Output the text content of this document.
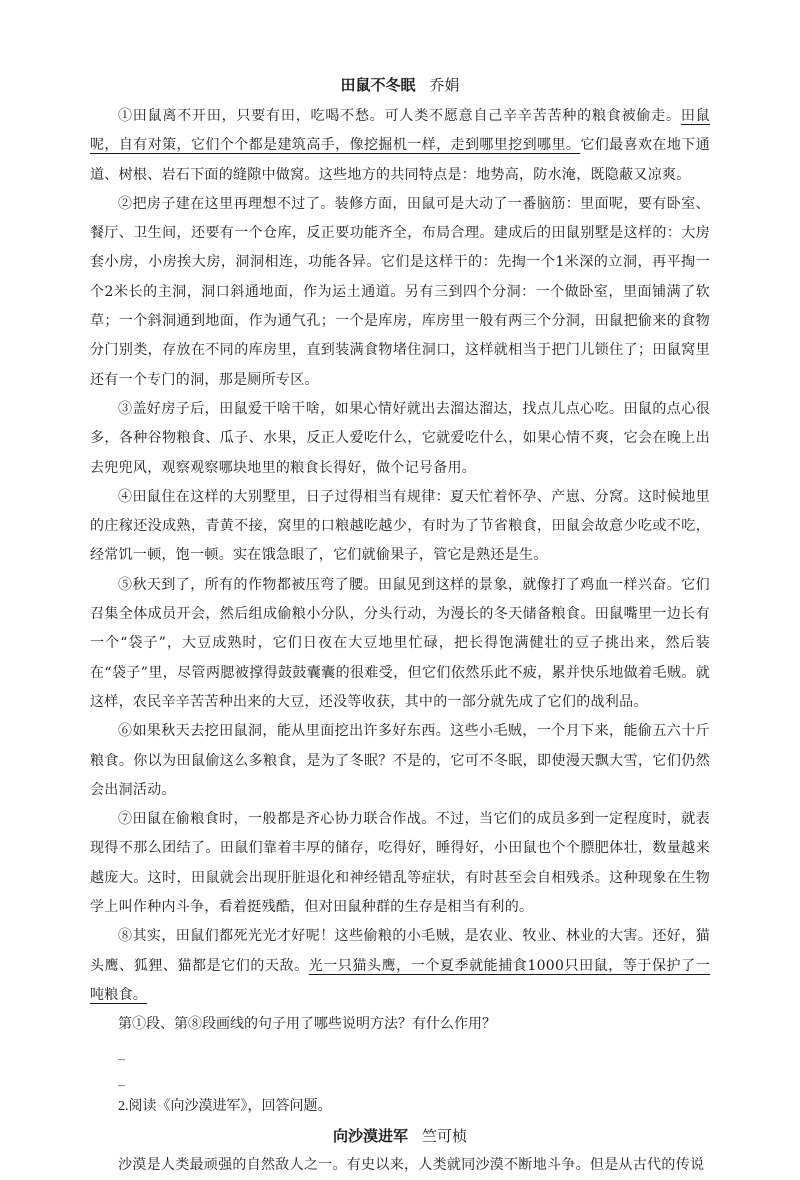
田鼠不冬眠 乔娟

①田鼠离不开田，只要有田，吃喝不愁。可人类不愿意自己辛辛苦苦种的粮食被偷走。田鼠呢，自有对策，它们个个都是建筑高手，像挖掘机一样，走到哪里挖到哪里。它们最喜欢在地下通道、树根、岩石下面的缝隙中做窝。这些地方的共同特点是：地势高，防水淹，既隐蔽又凉爽。

②把房子建在这里再理想不过了。装修方面，田鼠可是大动了一番脑筋：里面呢，要有卧室、餐厅、卫生间，还要有一个仓库，反正要功能齐全，布局合理。建成后的田鼠别墅是这样的：大房套小房，小房挨大房，洞洞相连，功能各异。它们是这样干的：先掏一个1米深的立洞，再平掏一个2米长的主洞，洞口斜通地面，作为运土通道。另有三到四个分洞：一个做卧室，里面铺满了软草；一个斜洞通到地面，作为通气孔；一个是库房，库房里一般有两三个分洞，田鼠把偷来的食物分门别类，存放在不同的库房里，直到装满食物堵住洞口，这样就相当于把门儿锁住了；田鼠窝里还有一个专门的洞，那是厕所专区。

③盖好房子后，田鼠爱干啥干啥，如果心情好就出去溜达溜达，找点儿点心吃。田鼠的点心很多，各种谷物粮食、瓜子、水果，反正人爱吃什么，它就爱吃什么，如果心情不爽，它会在晚上出去兜兜风，观察观察哪块地里的粮食长得好，做个记号备用。

④田鼠住在这样的大别墅里，日子过得相当有规律：夏天忙着怀孕、产崽、分窝。这时候地里的庄稼还没成熟，青黄不接，窝里的口粮越吃越少，有时为了节省粮食，田鼠会故意少吃或不吃，经常饥一顿，饱一顿。实在饿急眼了，它们就偷果子，管它是熟还是生。

⑤秋天到了，所有的作物都被压弯了腰。田鼠见到这样的景象，就像打了鸡血一样兴奋。它们召集全体成员开会，然后组成偷粮小分队，分头行动，为漫长的冬天储备粮食。田鼠嘴里一边长有一个“袋子”，大豆成熟时，它们日夜在大豆地里忙碌，把长得饱满健壮的豆子挑出来，然后装在“袋子”里，尽管两腮被撑得鼓鼓囊囊的很难受，但它们依然乐此不疲，累并快乐地做着毛贼。就这样，农民辛辛苦苦种出来的大豆，还没等收获，其中的一部分就先成了它们的战利品。

⑥如果秋天去挖田鼠洞，能从里面挖出许多好东西。这些小毛贼，一个月下来，能偷五六十斤粮食。你以为田鼠偷这么多粮食，是为了冬眠？不是的，它可不冬眠，即使漫天飘大雪，它们仍然会出洞活动。

⑦田鼠在偷粮食时，一般都是齐心协力联合作战。不过，当它们的成员多到一定程度时，就表现得不那么团结了。田鼠们靠着丰厚的储存，吃得好，睡得好，小田鼠也个个膘肥体壮，数量越来越庞大。这时，田鼠就会出现肝脏退化和神经错乱等症状，有时甚至会自相残杀。这种现象在生物学上叫作种内斗争，看着挺残酷，但对田鼠种群的生存是相当有利的。

⑧其实，田鼠们都死光光才好呢！这些偷粮的小毛贼，是农业、牧业、林业的大害。还好，猫头鹰、狐狸、猫都是它们的天敌。光一只猫头鹰，一个夏季就能捕食1000只田鼠，等于保护了一吨粮食。

第①段、第⑧段画线的句子用了哪些说明方法？有什么作用？

_

_

2.阅读《向沙漠进军》，回答问题。

向沙漠进军 竺可桢

沙漠是人类最顽强的自然敌人之一。有史以来，人类就同沙漠不断地斗争。但是从古代的传说
